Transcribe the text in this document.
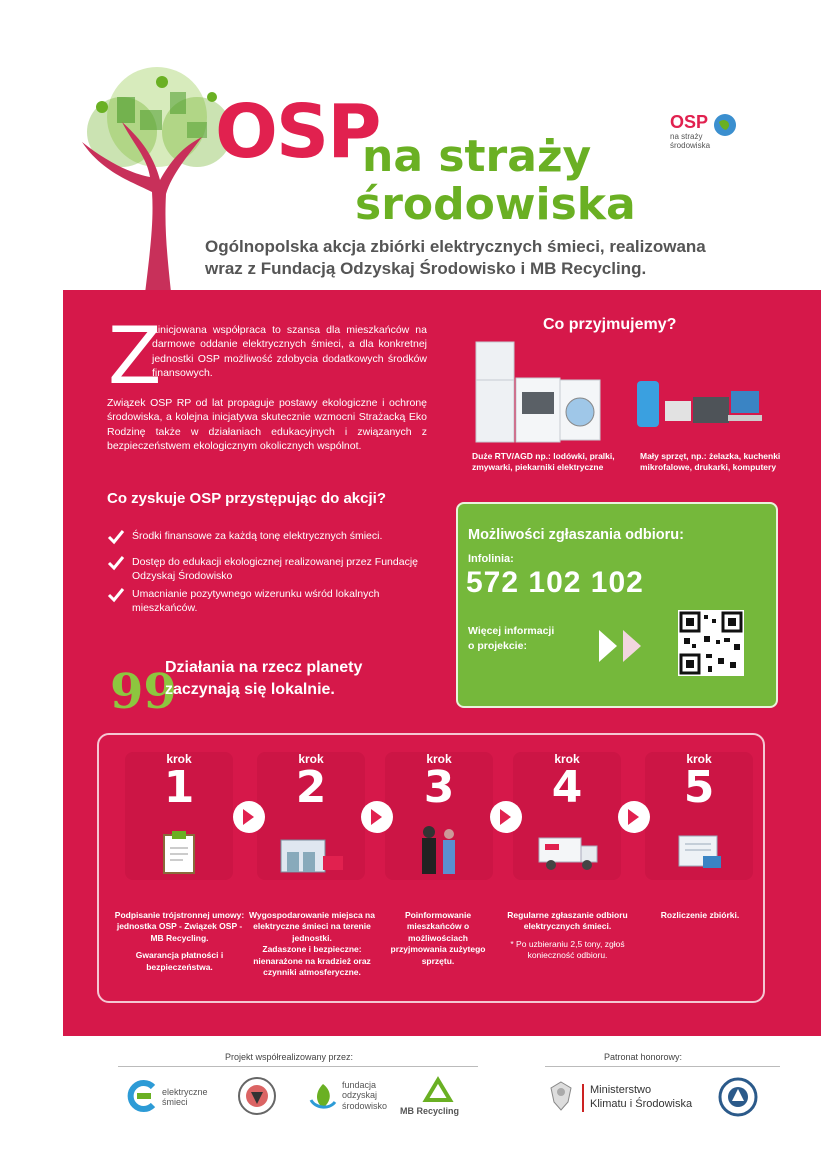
OSP
na straży
środowiska
OSP
na straży
środowiska
Ogólnopolska akcja zbiórki elektrycznych śmieci, realizowana
wraz z Fundacją Odzyskaj Środowisko i MB Recycling.
Z
ainicjowana współpraca to szansa dla mieszkańców na darmowe oddanie elektrycznych śmieci, a dla konkretnej jednostki OSP możliwość zdobycia dodatkowych środków finansowych.
Związek OSP RP od lat propaguje postawy ekologiczne i ochronę środowiska, a kolejna inicjatywa skutecznie wzmocni Strażacką Eko Rodzinę także w działaniach edukacyjnych i związanych z bezpieczeństwem ekologicznym okolicznych wspólnot.
Co zyskuje OSP przystępując do akcji?
Środki finansowe za każdą tonę elektrycznych śmieci.
Dostęp do edukacji ekologicznej realizowanej przez Fundację Odzyskaj Środowisko
Umacnianie pozytywnego wizerunku wśród lokalnych mieszkańców.
99
Działania na rzecz planety
zaczynają się lokalnie.
Co przyjmujemy?
Duże RTV/AGD np.: lodówki, pralki, zmywarki, piekarniki elektryczne
Mały sprzęt, np.: żelazka, kuchenki mikrofalowe, drukarki, komputery
Możliwości zgłaszania odbioru:
Infolinia:
572 102 102
Więcej informacji
o projekcie:
krok
1
Podpisanie trójstronnej umowy: jednostka OSP - Związek OSP - MB Recycling.
Gwarancja płatności i bezpieczeństwa.
krok
2
Wygospodarowanie miejsca na elektryczne śmieci na terenie jednostki.
Zadaszone i bezpieczne: nienarażone na kradzież oraz czynniki atmosferyczne.
krok
3
Poinformowanie mieszkańców o możliwościach przyjmowania zużytego sprzętu.
krok
4
Regularne zgłaszanie odbioru elektrycznych śmieci.
* Po uzbieraniu 2,5 tony, zgłoś konieczność odbioru.
krok
5
Rozliczenie zbiórki.
Projekt współrealizowany przez:	Patronat honorowy:
elektryczne
śmieci
fundacja
odzyskaj
środowisko
MB Recycling
Ministerstwo
Klimatu i Środowiska
